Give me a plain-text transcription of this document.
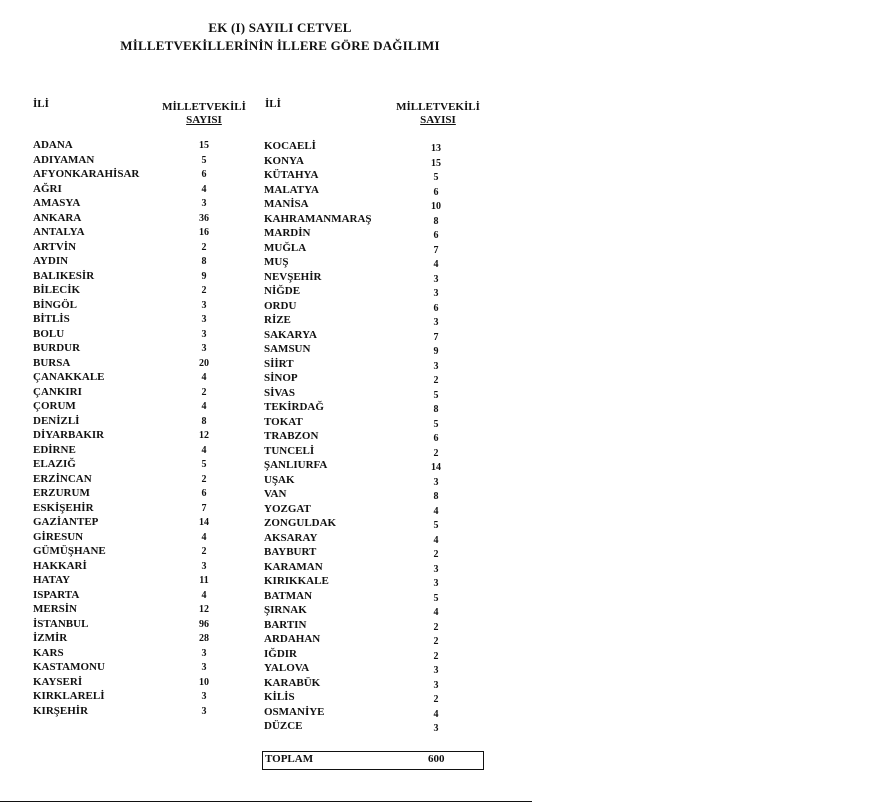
EK (I) SAYILI CETVEL
MİLLETVEKİLLERİNİN İLLERE GÖRE DAĞILIMI
İLİ	MİLLETVEKİLİ
SAYISI
İLİ	MİLLETVEKİLİ
SAYISI
ADANA	15
ADIYAMAN	5
AFYONKARAHİSAR	6
AĞRI	4
AMASYA	3
ANKARA	36
ANTALYA	16
ARTVİN	2
AYDIN	8
BALIKESİR	9
BİLECİK	2
BİNGÖL	3
BİTLİS	3
BOLU	3
BURDUR	3
BURSA	20
ÇANAKKALE	4
ÇANKIRI	2
ÇORUM	4
DENİZLİ	8
DİYARBAKIR	12
EDİRNE	4
ELAZIĞ	5
ERZİNCAN	2
ERZURUM	6
ESKİŞEHİR	7
GAZİANTEP	14
GİRESUN	4
GÜMÜŞHANE	2
HAKKARİ	3
HATAY	11
ISPARTA	4
MERSİN	12
İSTANBUL	96
İZMİR	28
KARS	3
KASTAMONU	3
KAYSERİ	10
KIRKLARELİ	3
KIRŞEHİR	3
KOCAELİ	13
KONYA	15
KÜTAHYA	5
MALATYA	6
MANİSA	10
KAHRAMANMARAŞ	8
MARDİN	6
MUĞLA	7
MUŞ	4
NEVŞEHİR	3
NİĞDE	3
ORDU	6
RİZE	3
SAKARYA	7
SAMSUN	9
SİİRT	3
SİNOP	2
SİVAS	5
TEKİRDAĞ	8
TOKAT	5
TRABZON	6
TUNCELİ	2
ŞANLIURFA	14
UŞAK	3
VAN	8
YOZGAT	4
ZONGULDAK	5
AKSARAY	4
BAYBURT	2
KARAMAN	3
KIRIKKALE	3
BATMAN	5
ŞIRNAK	4
BARTIN	2
ARDAHAN	2
IĞDIR	2
YALOVA	3
KARABÜK	3
KİLİS	2
OSMANİYE	4
DÜZCE	3
TOPLAM	600
